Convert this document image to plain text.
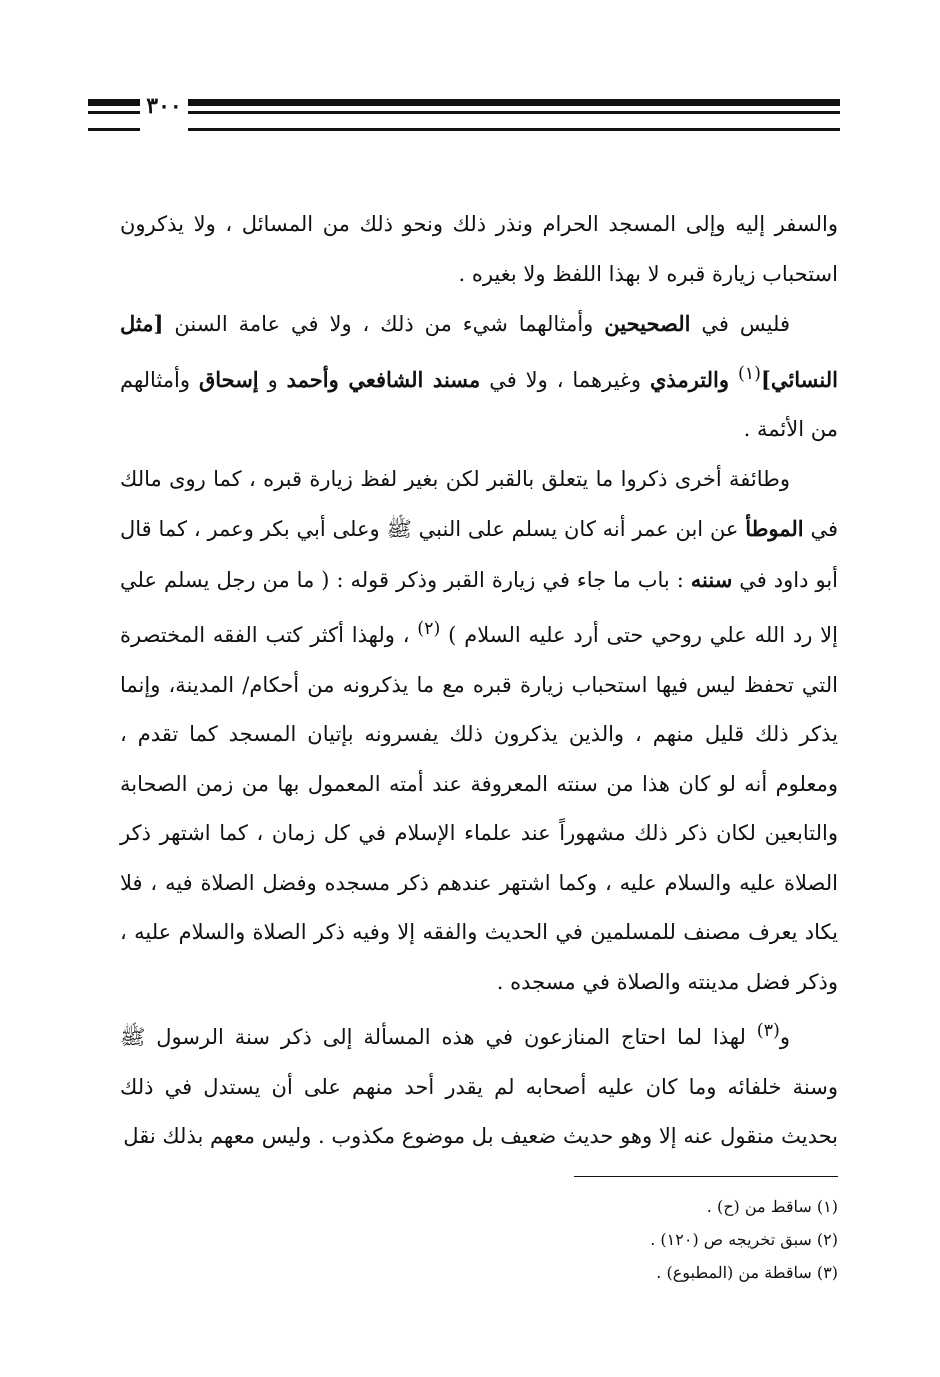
٣٠٠

والسفر إليه وإلى المسجد الحرام ونذر ذلك ونحو ذلك من المسائل ، ولا يذكرون استحباب زيارة قبره لا بهذا اللفظ ولا بغيره .

فليس في الصحيحين وأمثالهما شيء من ذلك ، ولا في عامة السنن [مثل النسائي]$^{(١)}$ والترمذي وغيرهما ، ولا في مسند الشافعي وأحمد و إسحاق وأمثالهم من الأئمة .

وطائفة أخرى ذكروا ما يتعلق بالقبر لكن بغير لفظ زيارة قبره ، كما روى مالك في الموطأ عن ابن عمر أنه كان يسلم على النبي ﷺ وعلى أبي بكر وعمر ، كما قال أبو داود في سننه : باب ما جاء في زيارة القبر وذكر قوله : ( ما من رجل يسلم علي إلا رد الله علي روحي حتى أرد عليه السلام ) $^{(٢)}$ ، ولهذا أكثر كتب الفقه المختصرة التي تحفظ ليس فيها استحباب زيارة قبره مع ما يذكرونه من أحكام/ المدينة، وإنما يذكر ذلك قليل منهم ، والذين يذكرون ذلك يفسرونه بإتيان المسجد كما تقدم ، ومعلوم أنه لو كان هذا من سنته المعروفة عند أمته المعمول بها من زمن الصحابة والتابعين لكان ذكر ذلك مشهوراً عند علماء الإسلام في كل زمان ، كما اشتهر ذكر الصلاة عليه والسلام عليه ، وكما اشتهر عندهم ذكر مسجده وفضل الصلاة فيه ، فلا يكاد يعرف مصنف للمسلمين في الحديث والفقه إلا وفيه ذكر الصلاة والسلام عليه ، وذكر فضل مدينته والصلاة في مسجده .

و$^{(٣)}$ لهذا لما احتاج المنازعون في هذه المسألة إلى ذكر سنة الرسول ﷺ وسنة خلفائه وما كان عليه أصحابه لم يقدر أحد منهم على أن يستدل في ذلك بحديث منقول عنه إلا وهو حديث ضعيف بل موضوع مكذوب . وليس معهم بذلك نقل

(١) ساقط من (ح) .
(٢) سبق تخريجه ص (١٢٠) .
(٣) ساقطة من (المطبوع) .
